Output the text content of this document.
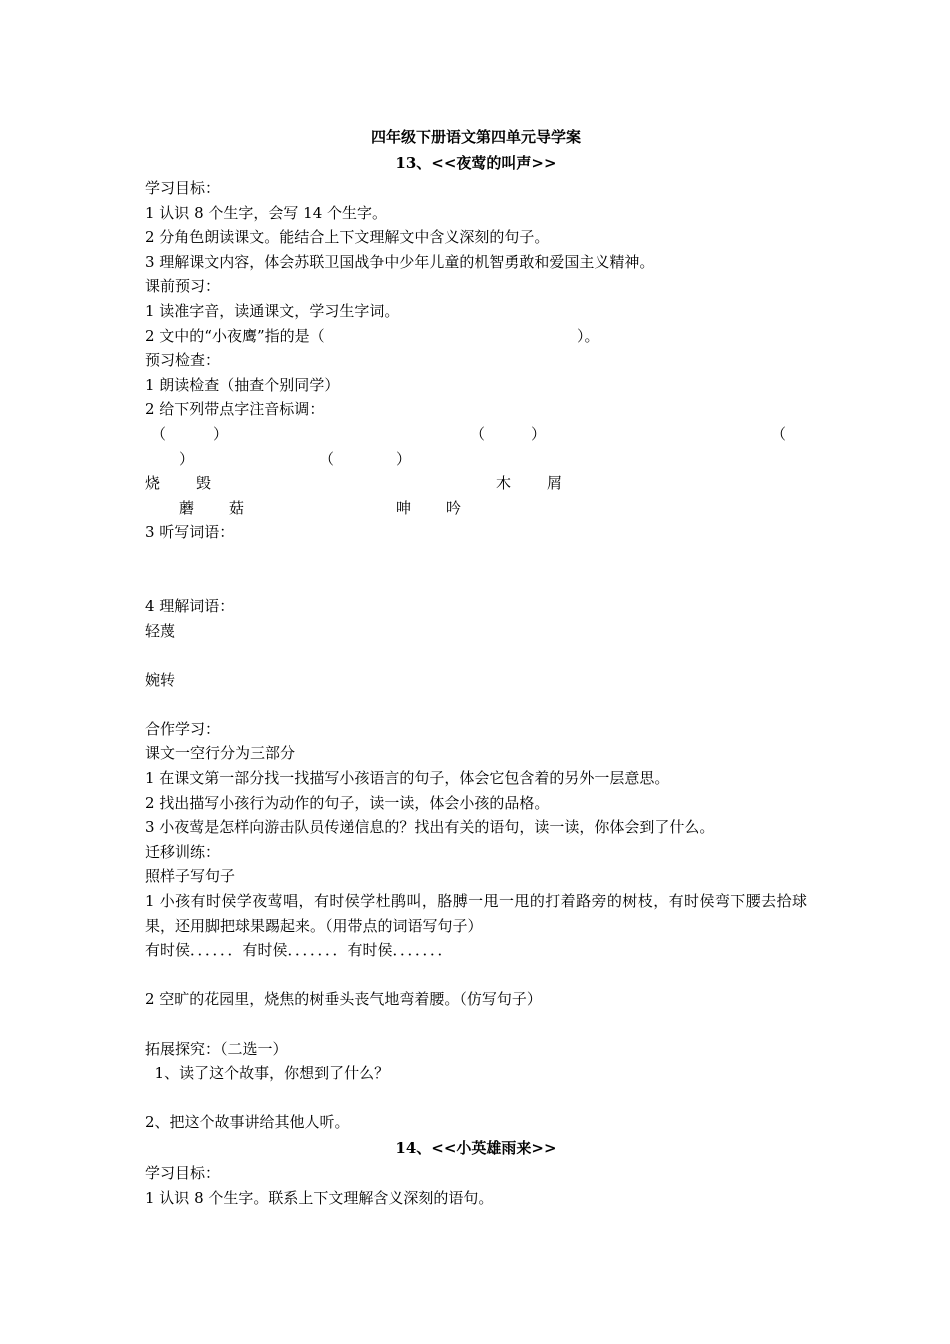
四年级下册语文第四单元导学案
13、<<夜莺的叫声>>
学习目标：
1 认识 8 个生字，会写 14 个生字。
2 分角色朗读课文。能结合上下文理解文中含义深刻的句子。
3 理解课文内容，体会苏联卫国战争中少年儿童的机智勇敢和爱国主义精神。
课前预习：
1 读准字音，读通课文，学习生字词。
2 文中的“小夜鹰”指的是（	）。
预习检查：
1 朗读检查（抽查个别同学）
2 给下列带点字注音标调：
（	）	（	）	（
）	（	）
烧 毁	木 屑
蘑 菇	呻 吟
3 听写词语：
4 理解词语：
轻蔑
婉转
合作学习：
课文一空行分为三部分
1 在课文第一部分找一找描写小孩语言的句子，体会它包含着的另外一层意思。
2 找出描写小孩行为动作的句子，读一读，体会小孩的品格。
3 小夜莺是怎样向游击队员传递信息的？找出有关的语句，读一读，你体会到了什么。
迁移训练：
照样子写句子
1 小孩有时侯学夜莺唱，有时侯学杜鹃叫，胳膊一甩一甩的打着路旁的树枝，有时侯弯下腰去拾球果，还用脚把球果踢起来。（用带点的词语写句子）
有时侯．．．．．．有时侯．．．．．．．有时侯．．．．．．．
2 空旷的花园里，烧焦的树垂头丧气地弯着腰。（仿写句子）
拓展探究：（二选一）
1、读了这个故事，你想到了什么？
2、把这个故事讲给其他人听。
14、<<小英雄雨来>>
学习目标：
1 认识 8 个生字。联系上下文理解含义深刻的语句。
